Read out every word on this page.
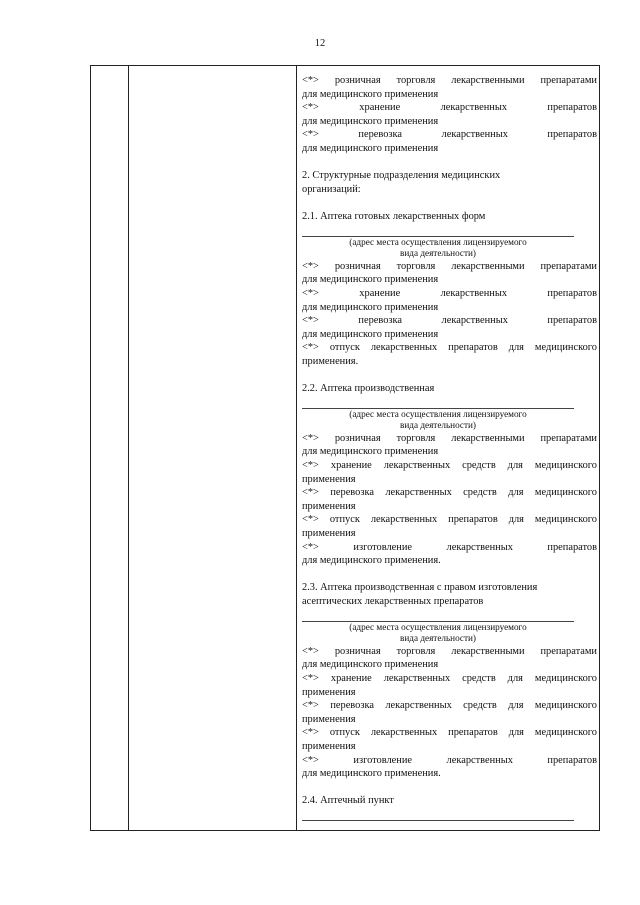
12
<*> розничная торговля лекарственными препаратами
для медицинского применения
<*> хранение лекарственных препаратов
для медицинского применения
<*> перевозка лекарственных препаратов
для медицинского применения
2. Структурные подразделения медицинских
организаций:
2.1. Аптека готовых лекарственных форм
(адрес места осуществления лицензируемого
вида деятельности)
<*> розничная торговля лекарственными препаратами
для медицинского применения
<*> хранение лекарственных препаратов
для медицинского применения
<*> перевозка лекарственных препаратов
для медицинского применения
<*> отпуск лекарственных препаратов для медицинского
применения.
2.2. Аптека производственная
(адрес места осуществления лицензируемого
вида деятельности)
<*> розничная торговля лекарственными препаратами
для медицинского применения
<*> хранение лекарственных средств для медицинского
применения
<*> перевозка лекарственных средств для медицинского
применения
<*> отпуск лекарственных препаратов для медицинского
применения
<*> изготовление лекарственных препаратов
для медицинского применения.
2.3. Аптека производственная с правом изготовления
асептических лекарственных препаратов
(адрес места осуществления лицензируемого
вида деятельности)
<*> розничная торговля лекарственными препаратами
для медицинского применения
<*> хранение лекарственных средств для медицинского
применения
<*> перевозка лекарственных средств для медицинского
применения
<*> отпуск лекарственных препаратов для медицинского
применения
<*> изготовление лекарственных препаратов
для медицинского применения.
2.4. Аптечный пункт
